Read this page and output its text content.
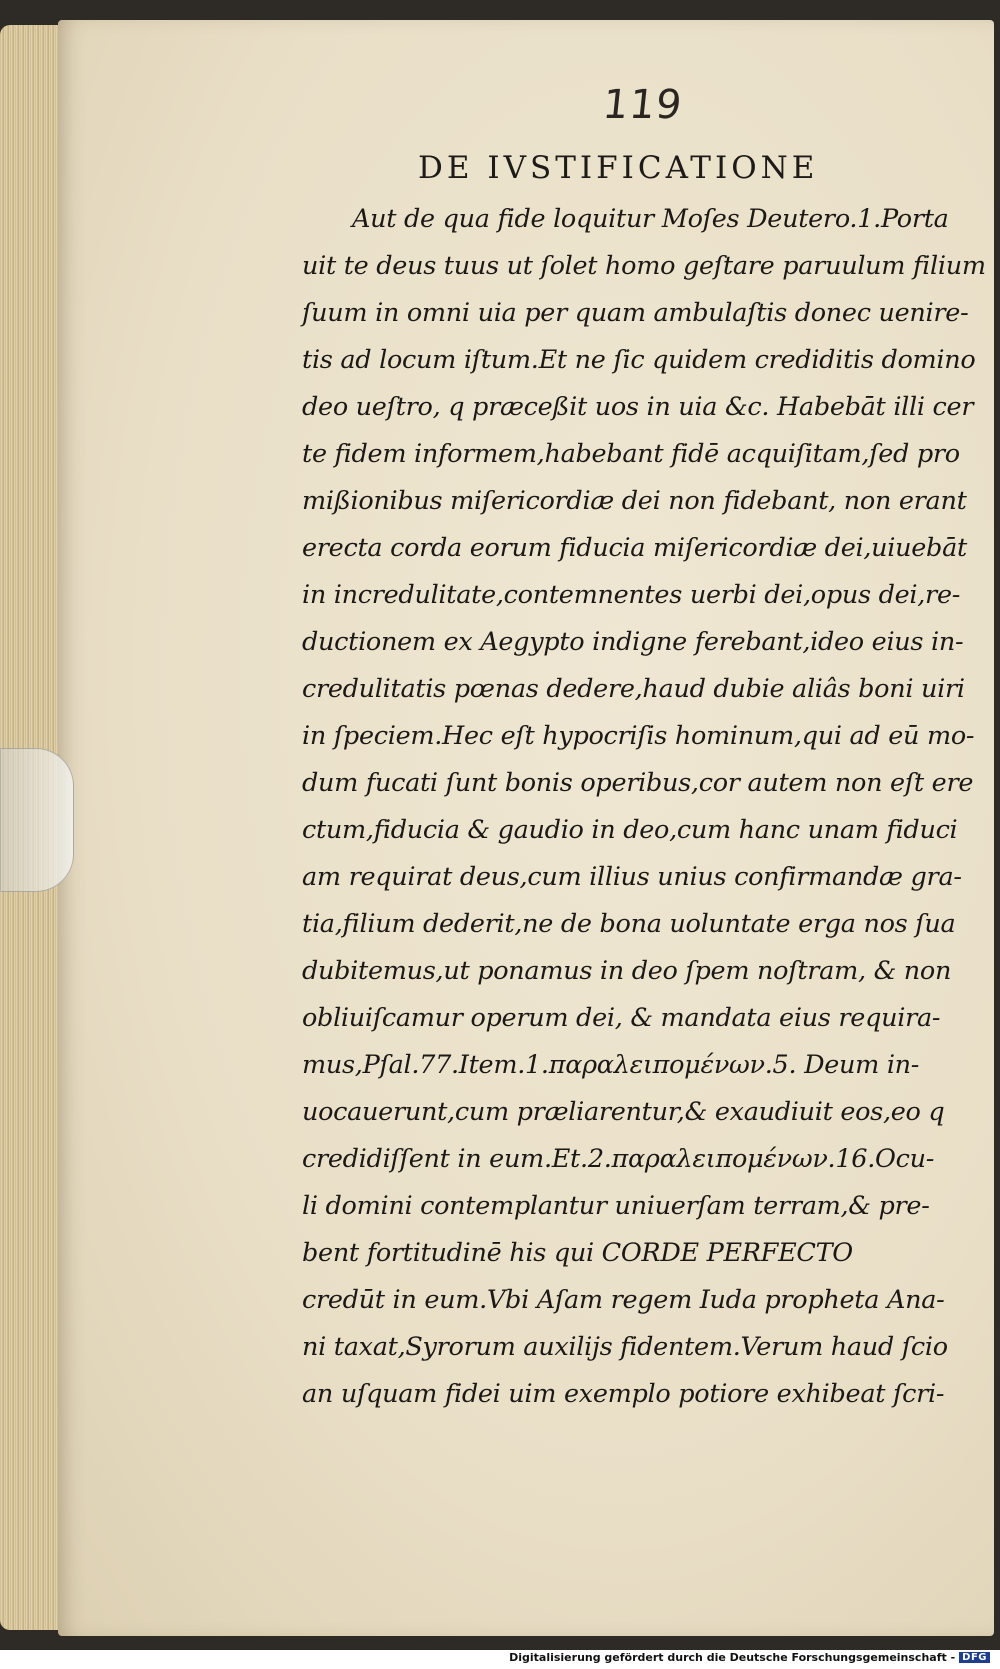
119
DE IVSTIFICATIONE
Aut de qua fide loquitur Moſes Deutero.1.Porta
uit te deus tuus ut ſolet homo geſtare paruulum filium
ſuum in omni uia per quam ambulaſtis donec uenire-
tis ad locum iſtum.Et ne ſic quidem crediditis domino
deo ueſtro, q præceßit uos in uia &c. Habebāt illi cer
te fidem informem,habebant fidē acquiſitam,ſed pro
mißionibus miſericordiæ dei non fidebant, non erant
erecta corda eorum fiducia miſericordiæ dei,uiuebāt
in incredulitate,contemnentes uerbi dei,opus dei,re-
ductionem ex Aegypto indigne ferebant,ideo eius in-
credulitatis pœnas dedere,haud dubie aliâs boni uiri
in ſpeciem.Hec eſt hypocriſis hominum,qui ad eū mo-
dum fucati ſunt bonis operibus,cor autem non eſt ere
ctum,fiducia & gaudio in deo,cum hanc unam fiduci
am requirat deus,cum illius unius confirmandæ gra-
tia,filium dederit,ne de bona uoluntate erga nos ſua
dubitemus,ut ponamus in deo ſpem noſtram, & non
obliuiſcamur operum dei, & mandata eius requira-
mus,Pſal.77.Item.1.παραλειπομένων.5. Deum in-
uocauerunt,cum præliarentur,& exaudiuit eos,eo q
credidiſſent in eum.Et.2.παραλειπομένων.16.Ocu-
li domini contemplantur uniuerſam terram,& pre-
bent fortitudinē his qui CORDE PERFECTO
credūt in eum.Vbi Aſam regem Iuda propheta Ana-
ni taxat,Syrorum auxilijs fidentem.Verum haud ſcio
an uſquam fidei uim exemplo potiore exhibeat ſcri-
Digitalisierung gefördert durch die Deutsche Forschungsgemeinschaft - DFG
